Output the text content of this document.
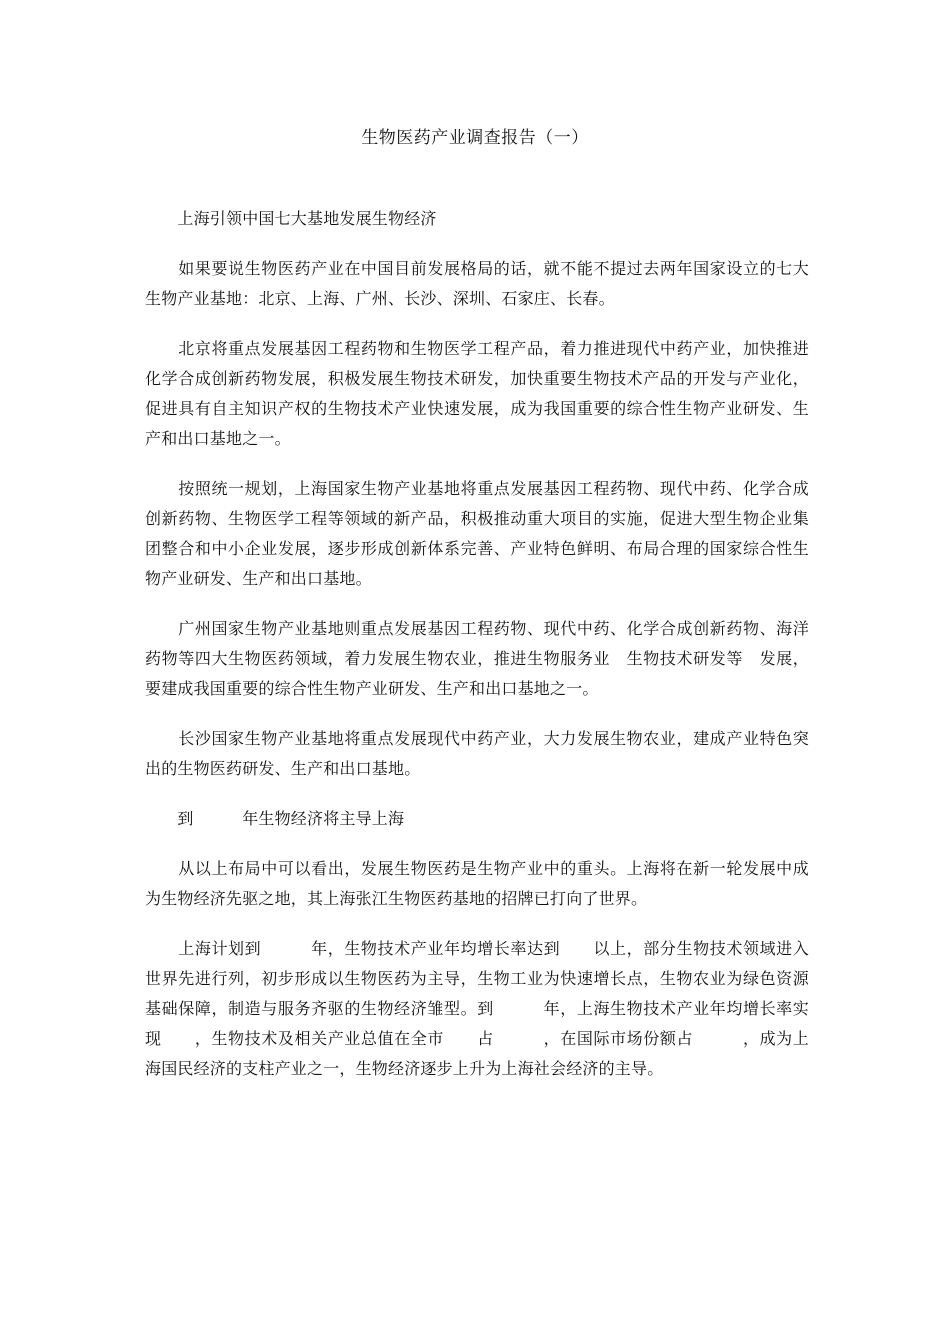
生物医药产业调查报告（一）

　　上海引领中国七大基地发展生物经济

　　如果要说生物医药产业在中国目前发展格局的话，就不能不提过去两年国家设立的七大生物产业基地：北京、上海、广州、长沙、深圳、石家庄、长春。

　　北京将重点发展基因工程药物和生物医学工程产品，着力推进现代中药产业，加快推进化学合成创新药物发展，积极发展生物技术研发，加快重要生物技术产品的开发与产业化，促进具有自主知识产权的生物技术产业快速发展，成为我国重要的综合性生物产业研发、生产和出口基地之一。

　　按照统一规划，上海国家生物产业基地将重点发展基因工程药物、现代中药、化学合成创新药物、生物医学工程等领域的新产品，积极推动重大项目的实施，促进大型生物企业集团整合和中小企业发展，逐步形成创新体系完善、产业特色鲜明、布局合理的国家综合性生物产业研发、生产和出口基地。

　　广州国家生物产业基地则重点发展基因工程药物、现代中药、化学合成创新药物、海洋药物等四大生物医药领域，着力发展生物农业，推进生物服务业　生物技术研发等　发展，要建成我国重要的综合性生物产业研发、生产和出口基地之一。

　　长沙国家生物产业基地将重点发展现代中药产业，大力发展生物农业，建成产业特色突出的生物医药研发、生产和出口基地。

　　到　　　年生物经济将主导上海

　　从以上布局中可以看出，发展生物医药是生物产业中的重头。上海将在新一轮发展中成为生物经济先驱之地，其上海张江生物医药基地的招牌已打向了世界。

　　上海计划到　　　年，生物技术产业年均增长率达到　　以上，部分生物技术领域进入世界先进行列，初步形成以生物医药为主导，生物工业为快速增长点，生物农业为绿色资源基础保障，制造与服务齐驱的生物经济雏型。到　　　年，上海生物技术产业年均增长率实现　　，生物技术及相关产业总值在全市　　占　　　，在国际市场份额占　　　，成为上海国民经济的支柱产业之一，生物经济逐步上升为上海社会经济的主导。
